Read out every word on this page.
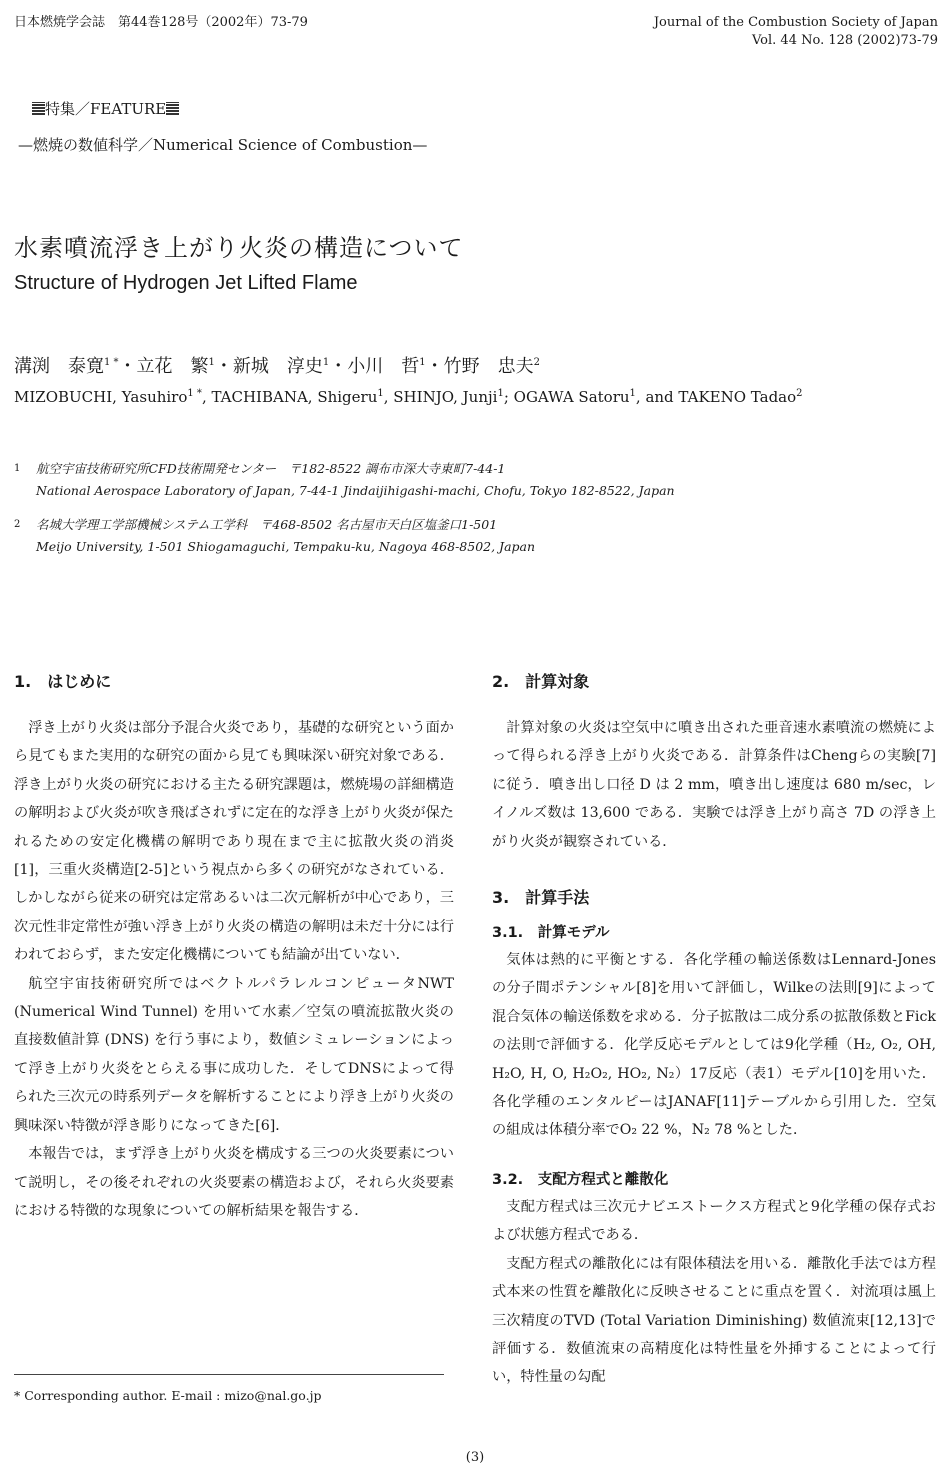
日本燃焼学会誌　第44巻128号（2002年）73-79	Journal of the Combustion Society of Japan
Vol. 44 No. 128 (2002)73-79
特集／FEATURE
—燃焼の数値科学／Numerical Science of Combustion—
水素噴流浮き上がり火炎の構造について
Structure of Hydrogen Jet Lifted Flame
溝渕　泰寛$^{1 *}$・立花　繁$^1$・新城　淳史$^1$・小川　哲$^1$・竹野　忠夫$^2$
MIZOBUCHI, Yasuhiro$^{1 *}$, TACHIBANA, Shigeru$^1$, SHINJO, Junji$^1$; OGAWA Satoru$^1$, and TAKENO Tadao$^2$
1 航空宇宙技術研究所CFD技術開発センター　〒182-8522 調布市深大寺東町7-44-1
National Aerospace Laboratory of Japan, 7-44-1 Jindaijihigashi-machi, Chofu, Tokyo 182-8522, Japan
2 名城大学理工学部機械システム工学科　〒468-8502 名古屋市天白区塩釜口1-501
Meijo University, 1-501 Shiogamaguchi, Tempaku-ku, Nagoya 468-8502, Japan
1.　はじめに

浮き上がり火炎は部分予混合火炎であり，基礎的な研究という面から見てもまた実用的な研究の面から見ても興味深い研究対象である．浮き上がり火炎の研究における主たる研究課題は，燃焼場の詳細構造の解明および火炎が吹き飛ばされずに定在的な浮き上がり火炎が保たれるための安定化機構の解明であり現在まで主に拡散火炎の消炎[1]，三重火炎構造[2-5]という視点から多くの研究がなされている．しかしながら従来の研究は定常あるいは二次元解析が中心であり，三次元性非定常性が強い浮き上がり火炎の構造の解明は未だ十分には行われておらず，また安定化機構についても結論が出ていない．

航空宇宙技術研究所ではベクトルパラレルコンピュータNWT (Numerical Wind Tunnel) を用いて水素／空気の噴流拡散火炎の直接数値計算 (DNS) を行う事により，数値シミュレーションによって浮き上がり火炎をとらえる事に成功した．そしてDNSによって得られた三次元の時系列データを解析することにより浮き上がり火炎の興味深い特徴が浮き彫りになってきた[6]．

本報告では，まず浮き上がり火炎を構成する三つの火炎要素について説明し，その後それぞれの火炎要素の構造および，それら火炎要素における特徴的な現象についての解析結果を報告する．

2.　計算対象

計算対象の火炎は空気中に噴き出された亜音速水素噴流の燃焼によって得られる浮き上がり火炎である．計算条件はChengらの実験[7]に従う．噴き出し口径 D は 2 mm，噴き出し速度は 680 m/sec，レイノルズ数は 13,600 である．実験では浮き上がり高さ 7D の浮き上がり火炎が観察されている．

3.　計算手法
3.1.　計算モデル

気体は熱的に平衡とする．各化学種の輸送係数はLennard-Jonesの分子間ポテンシャル[8]を用いて評価し，Wilkeの法則[9]によって混合気体の輸送係数を求める．分子拡散は二成分系の拡散係数とFickの法則で評価する．化学反応モデルとしては9化学種（H₂, O₂, OH, H₂O, H, O, H₂O₂, HO₂, N₂）17反応（表1）モデル[10]を用いた．各化学種のエンタルピーはJANAF[11]テーブルから引用した．空気の組成は体積分率でO₂ 22 %，N₂ 78 %とした．

3.2.　支配方程式と離散化

支配方程式は三次元ナビエストークス方程式と9化学種の保存式および状態方程式である．

支配方程式の離散化には有限体積法を用いる．離散化手法では方程式本来の性質を離散化に反映させることに重点を置く．対流項は風上三次精度のTVD (Total Variation Diminishing) 数値流束[12,13]で評価する．数値流束の高精度化は特性量を外挿することによって行い，特性量の勾配

* Corresponding author. E-mail : mizo@nal.go.jp
(3)
